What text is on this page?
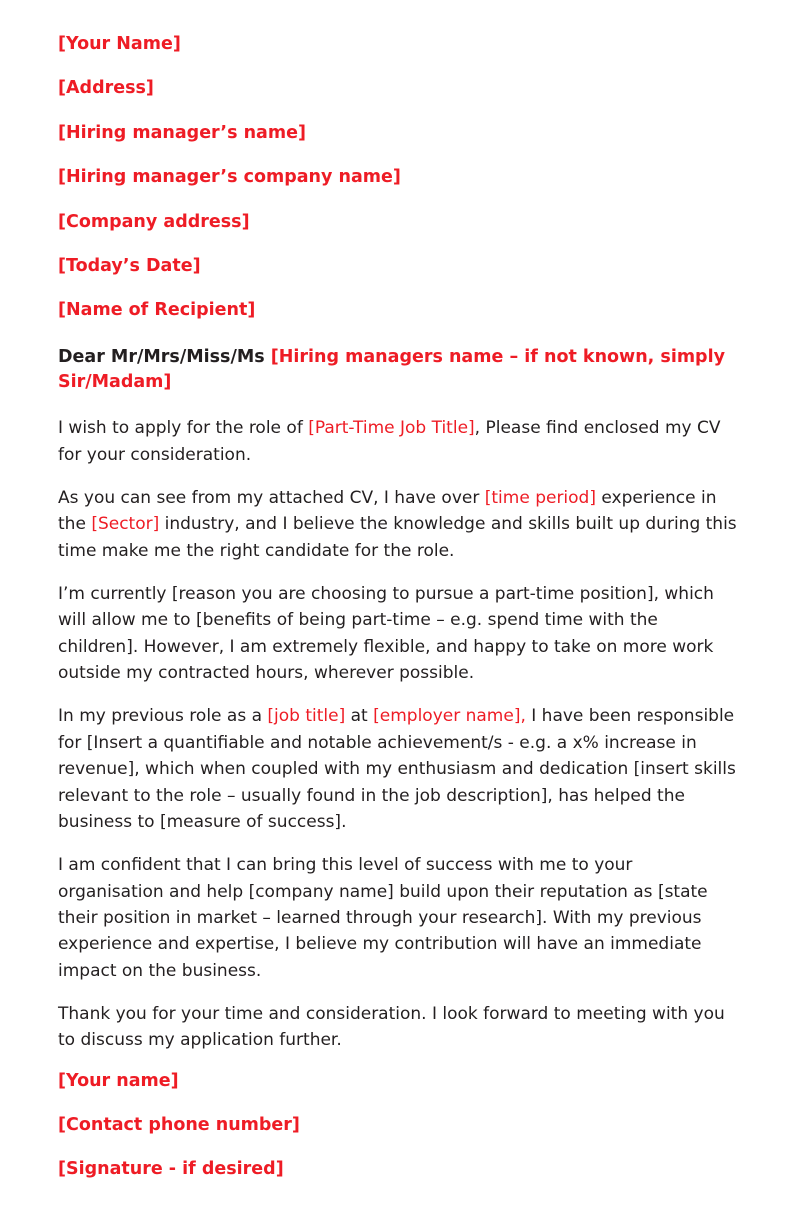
[Your Name]
[Address]
[Hiring manager’s name]
[Hiring manager’s company name]
[Company address]
[Today’s Date]
[Name of Recipient]
Dear Mr/Mrs/Miss/Ms [Hiring managers name – if not known, simply Sir/Madam]

I wish to apply for the role of [Part-Time Job Title], Please find enclosed my CV for your consideration.

As you can see from my attached CV, I have over [time period] experience in the [Sector] industry, and I believe the knowledge and skills built up during this time make me the right candidate for the role.

I’m currently [reason you are choosing to pursue a part-time position], which will allow me to [benefits of being part-time – e.g. spend time with the children]. However, I am extremely flexible, and happy to take on more work outside my contracted hours, wherever possible.

In my previous role as a [job title] at [employer name], I have been responsible for [Insert a quantifiable and notable achievement/s - e.g. a x% increase in revenue], which when coupled with my enthusiasm and dedication [insert skills relevant to the role – usually found in the job description], has helped the business to [measure of success].

I am confident that I can bring this level of success with me to your organisation and help [company name] build upon their reputation as [state their position in market – learned through your research]. With my previous experience and expertise, I believe my contribution will have an immediate impact on the business.

Thank you for your time and consideration. I look forward to meeting with you to discuss my application further.

[Your name]
[Contact phone number]
[Signature - if desired]
